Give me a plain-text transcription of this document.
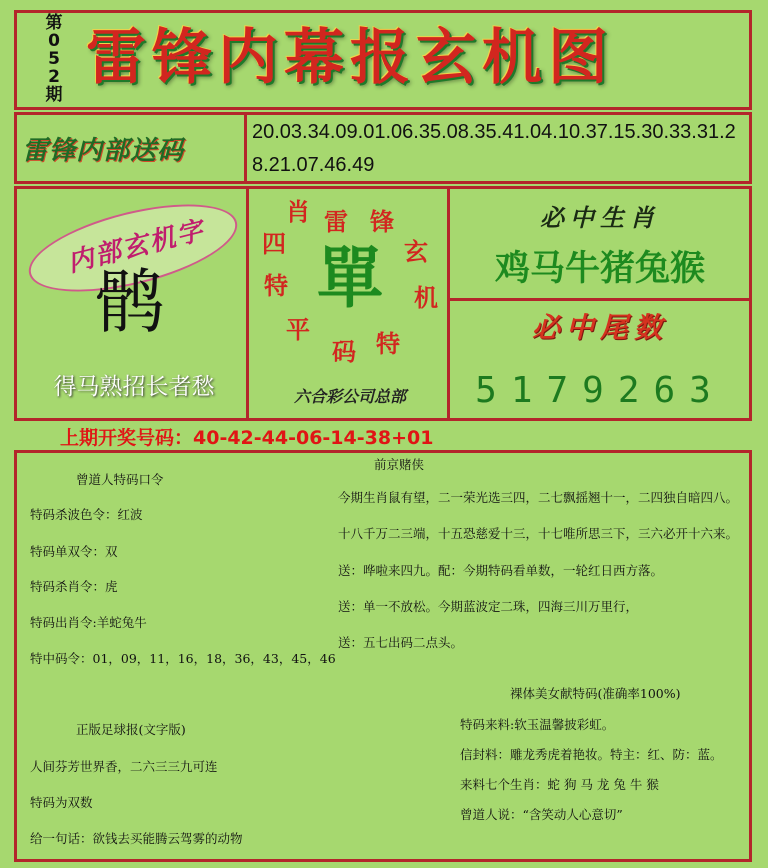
第
0
5
2
期
雷锋内幕报玄机图
雷锋内部送码
20.03.34.09.01.06.35.08.35.41.04.10.37.15.30.33.31.28.21.07.46.49
内部玄机字
鹘
得马熟招长者愁
雷 锋
玄
机
特
码
平
特
四
肖
單
六合彩公司总部
必中生肖
鸡马牛猪兔猴
必中尾数
5179263
上期开奖号码：40-42-44-06-14-38+01
曾道人特码口令
特码杀波色令：红波
特码单双令：双
特码杀肖令：虎
特码出肖令:羊蛇兔牛
特中码令：01，09，11，16，18，36，43，45，46
正版足球报(文字版)
人间芬芳世界香，二六三三九可连
特码为双数
给一句话：欲钱去买能腾云驾雾的动物
前京赌侠
今期生肖鼠有望，二一荣光选三四，二七飘摇翘十一，二四独自暗四八。
十八千万二三端，十五恐慈爱十三，十七唯所思三下，三六必开十六来。
送：哗啦来四九。配：今期特码看单数，一轮红日西方落。
送：单一不放松。今期蓝波定二珠，四海三川万里行，
送：五七出码二点头。
裸体美女献特码(准确率100%)
特码来料:软玉温馨披彩虹。
信封料：雕龙秀虎着艳妆。特主：红、防：蓝。
来料七个生肖：蛇 狗 马 龙 兔 牛 猴
曾道人说：“含笑动人心意切”
